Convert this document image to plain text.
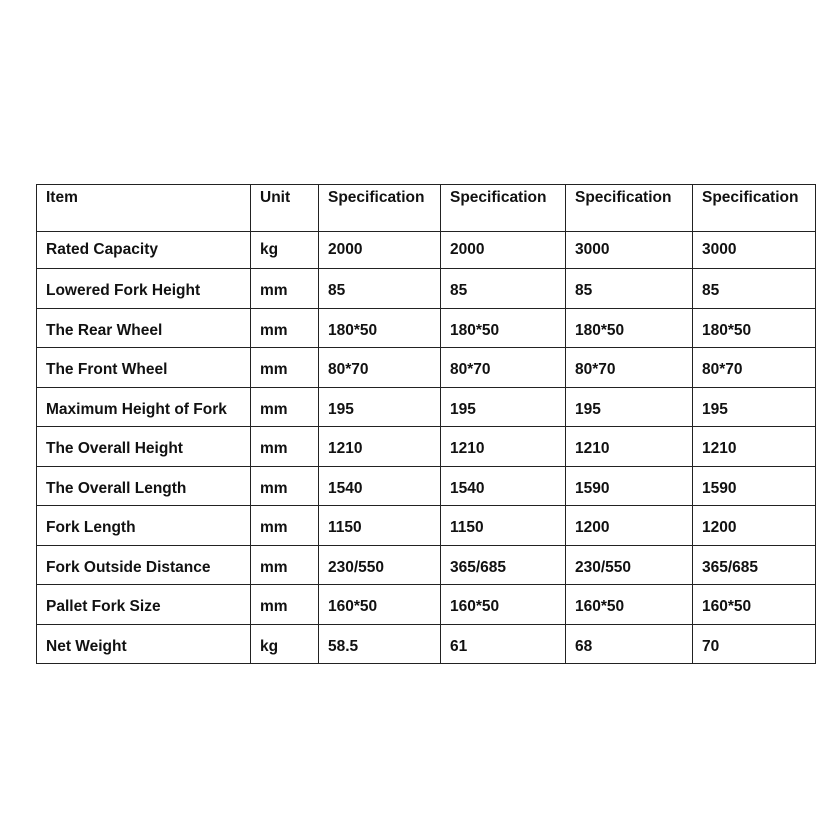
Item	Unit	Specification	Specification	Specification	Specification
Rated Capacity	kg	2000	2000	3000	3000
Lowered Fork Height	mm	85	85	85	85
The Rear Wheel	mm	180*50	180*50	180*50	180*50
The Front Wheel	mm	80*70	80*70	80*70	80*70
Maximum Height of Fork	mm	195	195	195	195
The Overall Height	mm	1210	1210	1210	1210
The Overall Length	mm	1540	1540	1590	1590
Fork Length	mm	1150	1150	1200	1200
Fork Outside Distance	mm	230/550	365/685	230/550	365/685
Pallet Fork Size	mm	160*50	160*50	160*50	160*50
Net Weight	kg	58.5	61	68	70
